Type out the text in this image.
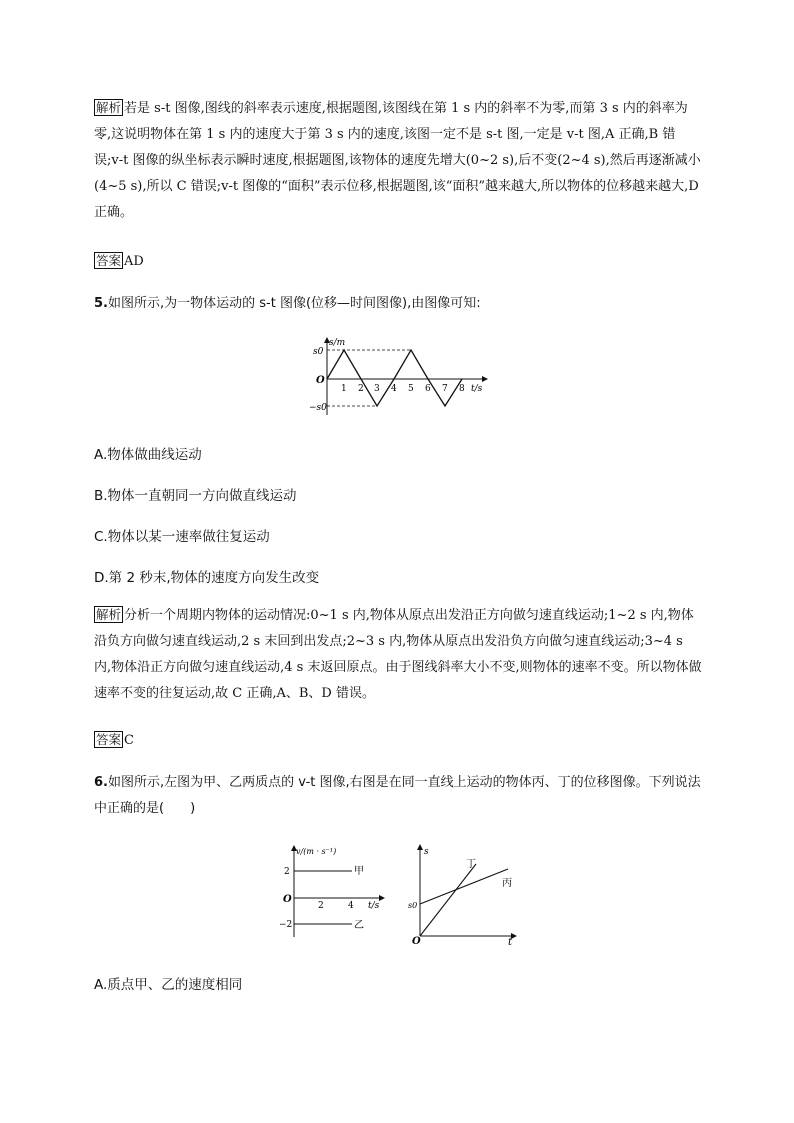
解析 若是 s-t 图像,图线的斜率表示速度,根据题图,该图线在第 1 s 内的斜率不为零,而第 3 s 内的斜率为零,这说明物体在第 1 s 内的速度大于第 3 s 内的速度,该图一定不是 s-t 图,一定是 v-t 图,A 正确,B 错误;v-t 图像的纵坐标表示瞬时速度,根据题图,该物体的速度先增大(0~2 s),后不变(2~4 s),然后再逐渐减小(4~5 s),所以 C 错误;v-t 图像的“面积”表示位移,根据题图,该“面积”越来越大,所以物体的位移越来越大,D 正确。
答案 AD
5.如图所示,为一物体运动的 s-t 图像(位移—时间图像),由图像可知:
s/m
s0
−s0
O
1 2 3 4 5 6 7 8 t/s
A.物体做曲线运动
B.物体一直朝同一方向做直线运动
C.物体以某一速率做往复运动
D.第 2 秒末,物体的速度方向发生改变
解析 分析一个周期内物体的运动情况:0~1 s 内,物体从原点出发沿正方向做匀速直线运动;1~2 s 内,物体沿负方向做匀速直线运动,2 s 末回到出发点;2~3 s 内,物体从原点出发沿负方向做匀速直线运动;3~4 s 内,物体沿正方向做匀速直线运动,4 s 末返回原点。由于图线斜率大小不变,则物体的速率不变。所以物体做速率不变的往复运动,故 C 正确,A、B、D 错误。
答案 C
6.如图所示,左图为甲、乙两质点的 v-t 图像,右图是在同一直线上运动的物体丙、丁的位移图像。下列说法中正确的是(　　)
v/(m · s⁻¹)
2
−2
O
2	4 t/s
甲
乙
s
s0
O	t
丁
丙
A.质点甲、乙的速度相同
